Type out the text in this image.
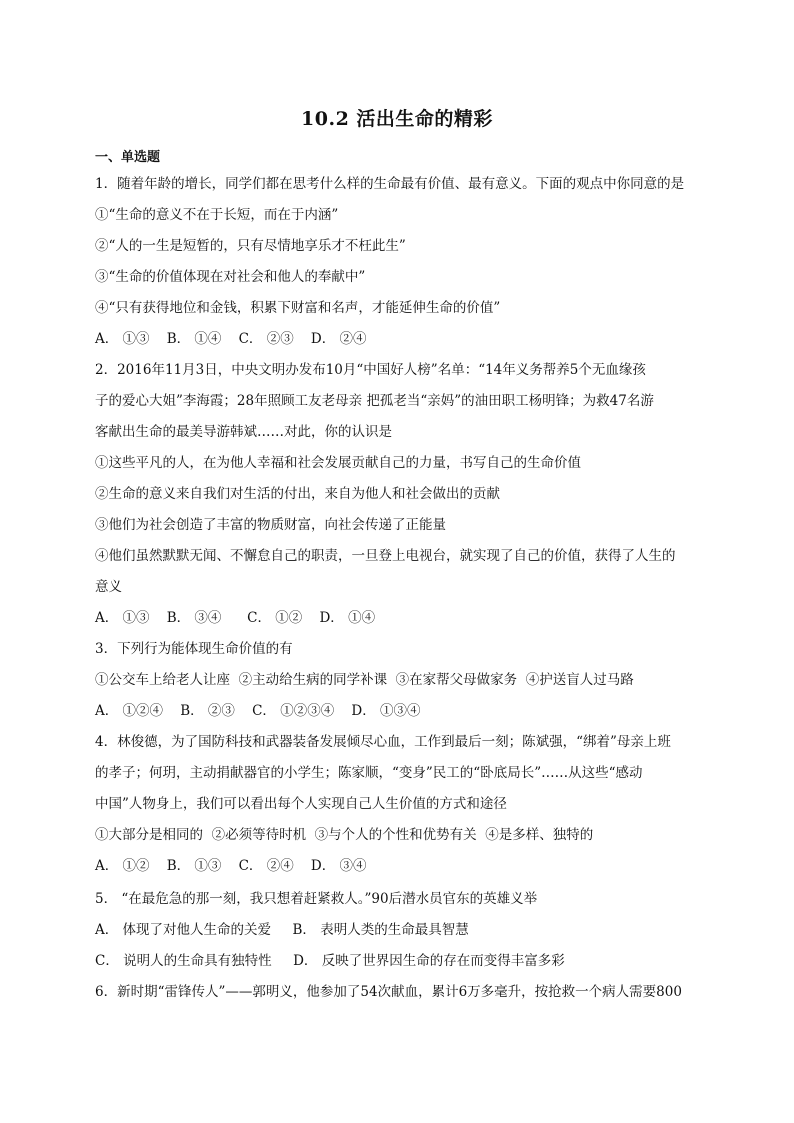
10.2 活出生命的精彩
一、单选题
1．随着年龄的增长，同学们都在思考什么样的生命最有价值、最有意义。下面的观点中你同意的是
①“生命的意义不在于长短，而在于内涵”
②“人的一生是短暂的，只有尽情地享乐才不枉此生”
③“生命的价值体现在对社会和他人的奉献中”
④“只有获得地位和金钱，积累下财富和名声，才能延伸生命的价值”
A． ①③    B． ①④    C． ②③    D． ②④
2．2016年11月3日，中央文明办发布10月“中国好人榜”名单：“14年义务帮养5个无血缘孩
子的爱心大姐”李海霞；28年照顾工友老母亲 把孤老当“亲妈”的油田职工杨明锋；为救47名游
客献出生命的最美导游韩斌……对此，你的认识是
①这些平凡的人，在为他人幸福和社会发展贡献自己的力量，书写自己的生命价值
②生命的意义来自我们对生活的付出，来自为他人和社会做出的贡献
③他们为社会创造了丰富的物质财富，向社会传递了正能量
④他们虽然默默无闻、不懈怠自己的职责，一旦登上电视台，就实现了自己的价值，获得了人生的
意义
A． ①③    B． ③④      C． ①②    D． ①④
3．下列行为能体现生命价值的有
①公交车上给老人让座  ②主动给生病的同学补课  ③在家帮父母做家务  ④护送盲人过马路
A． ①②④    B． ②③    C． ①②③④    D． ①③④
4．林俊德，为了国防科技和武器装备发展倾尽心血，工作到最后一刻；陈斌强，“绑着”母亲上班
的孝子；何玥，主动捐献器官的小学生；陈家顺，“变身”民工的“卧底局长”……从这些“感动
中国”人物身上，我们可以看出每个人实现自己人生价值的方式和途径
①大部分是相同的  ②必须等待时机  ③与个人的个性和优势有关  ④是多样、独特的
A． ①②    B． ①③    C． ②④    D． ③④
5． “在最危急的那一刻，我只想着赶紧救人。”90后潜水员官东的英雄义举
A． 体现了对他人生命的关爱     B． 表明人类的生命最具智慧
C． 说明人的生命具有独特性     D． 反映了世界因生命的存在而变得丰富多彩
6．新时期“雷锋传人”——郭明义，他参加了54次献血，累计6万多毫升，按抢救一个病人需要800
